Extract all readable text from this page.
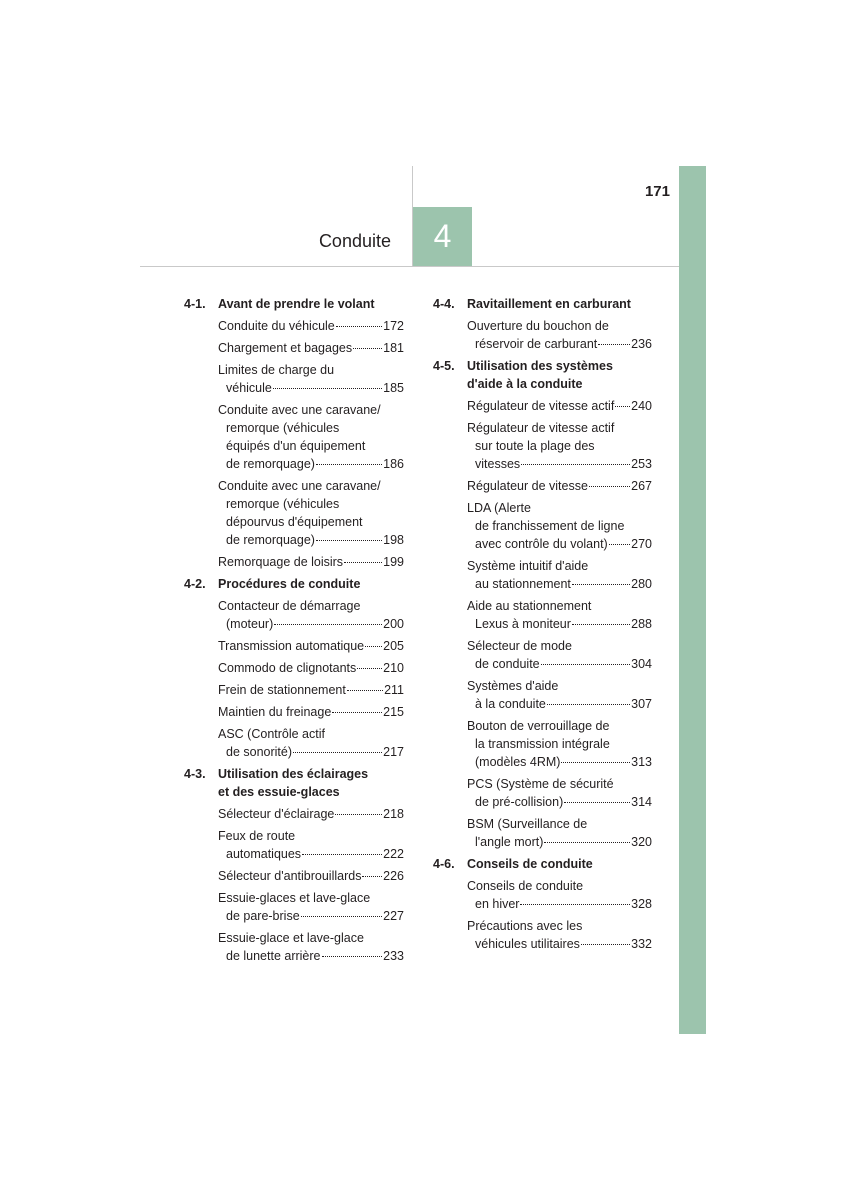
4
Conduite
171
4-1. Avant de prendre le volant
Conduite du véhicule	172
Chargement et bagages 181
Limites de charge du
véhicule	185
Conduite avec une caravane/
remorque (véhicules
équipés d'un équipement
de remorquage)	186
Conduite avec une caravane/
remorque (véhicules
dépourvus d'équipement
de remorquage)	198
Remorquage de loisirs	199
4-2. Procédures de conduite
Contacteur de démarrage
(moteur)	200
Transmission automatique 205
Commodo de clignotants 210
Frein de stationnement	211
Maintien du freinage	215
ASC (Contrôle actif
de sonorité)	217
4-3. Utilisation des éclairages
et des essuie-glaces
Sélecteur d'éclairage	218
Feux de route
automatiques	222
Sélecteur d'antibrouillards 226
Essuie-glaces et lave-glace
de pare-brise	227
Essuie-glace et lave-glace
de lunette arrière	233
4-4. Ravitaillement en carburant
Ouverture du bouchon de
réservoir de carburant	236
4-5. Utilisation des systèmes
d'aide à la conduite
Régulateur de vitesse actif 240
Régulateur de vitesse actif
sur toute la plage des
vitesses	253
Régulateur de vitesse	267
LDA (Alerte
de franchissement de ligne
avec contrôle du volant) 270
Système intuitif d'aide
au stationnement	280
Aide au stationnement
Lexus à moniteur	288
Sélecteur de mode
de conduite	304
Systèmes d'aide
à la conduite	307
Bouton de verrouillage de
la transmission intégrale
(modèles 4RM)	313
PCS (Système de sécurité
de pré-collision)	314
BSM (Surveillance de
l'angle mort)	320
4-6. Conseils de conduite
Conseils de conduite
en hiver	328
Précautions avec les
véhicules utilitaires	332
